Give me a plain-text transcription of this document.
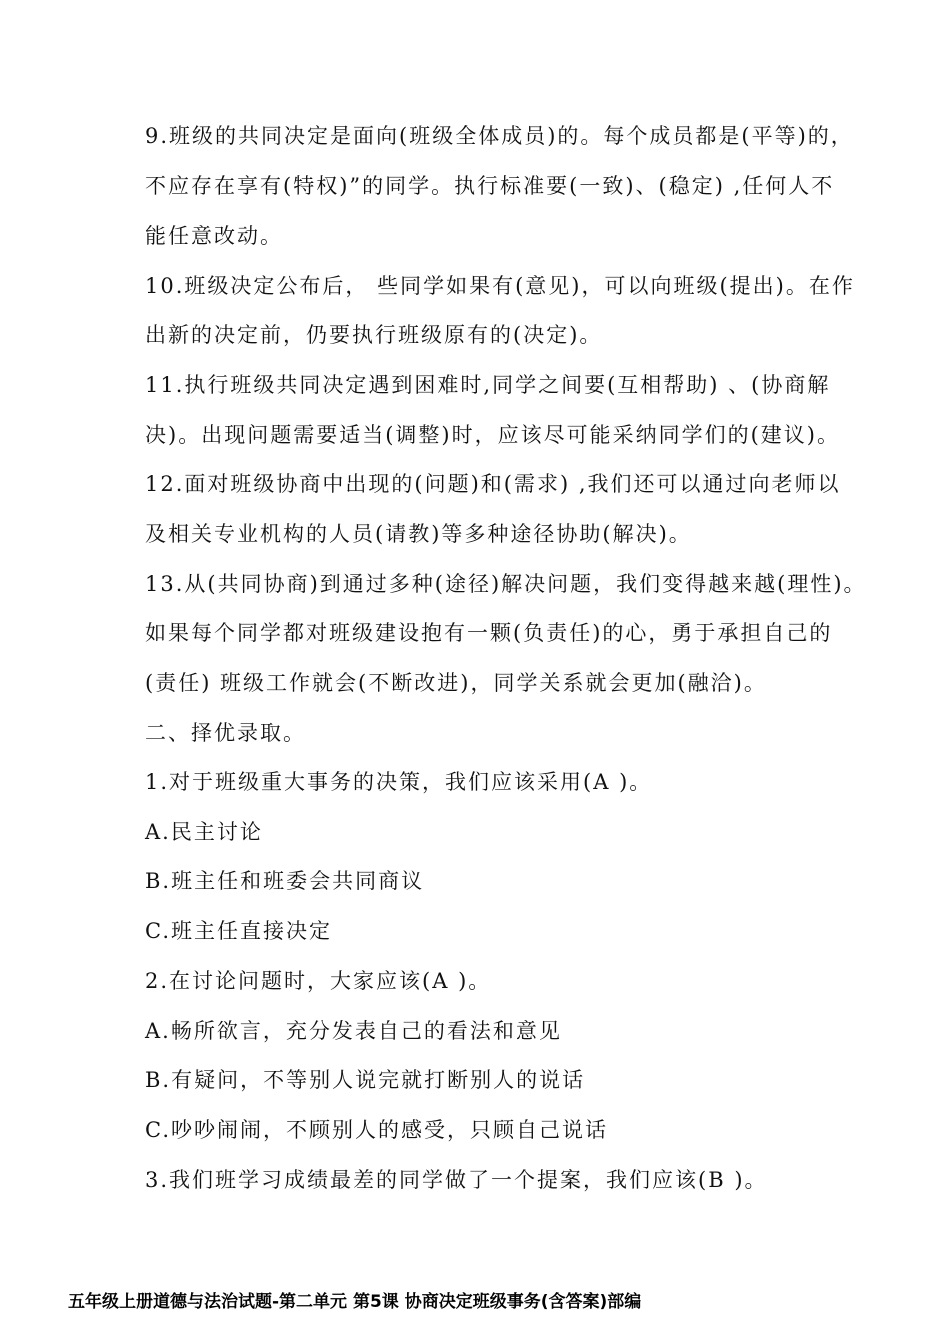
9.班级的共同决定是面向(班级全体成员)的。每个成员都是(平等)的，
不应存在享有(特权)”的同学。执行标准要(一致)、(稳定) ,任何人不
能任意改动。
10.班级决定公布后， 些同学如果有(意见)，可以向班级(提出)。在作
出新的决定前，仍要执行班级原有的(决定)。
11.执行班级共同决定遇到困难时,同学之间要(互相帮助) 、(协商解
决)。出现问题需要适当(调整)时，应该尽可能采纳同学们的(建议)。
12.面对班级协商中出现的(问题)和(需求) ,我们还可以通过向老师以
及相关专业机构的人员(请教)等多种途径协助(解决)。
13.从(共同协商)到通过多种(途径)解决问题，我们变得越来越(理性)。
如果每个同学都对班级建设抱有一颗(负责任)的心，勇于承担自己的
(责任) 班级工作就会(不断改进)，同学关系就会更加(融洽)。
二、择优录取。
1.对于班级重大事务的决策，我们应该采用(A )。
A.民主讨论
B.班主任和班委会共同商议
C.班主任直接决定
2.在讨论问题时，大家应该(A )。
A.畅所欲言，充分发表自己的看法和意见
B.有疑问，不等别人说完就打断别人的说话
C.吵吵闹闹，不顾别人的感受，只顾自己说话
3.我们班学习成绩最差的同学做了一个提案，我们应该(B )。
五年级上册道德与法治试题-第二单元 第5课 协商决定班级事务(含答案)部编
